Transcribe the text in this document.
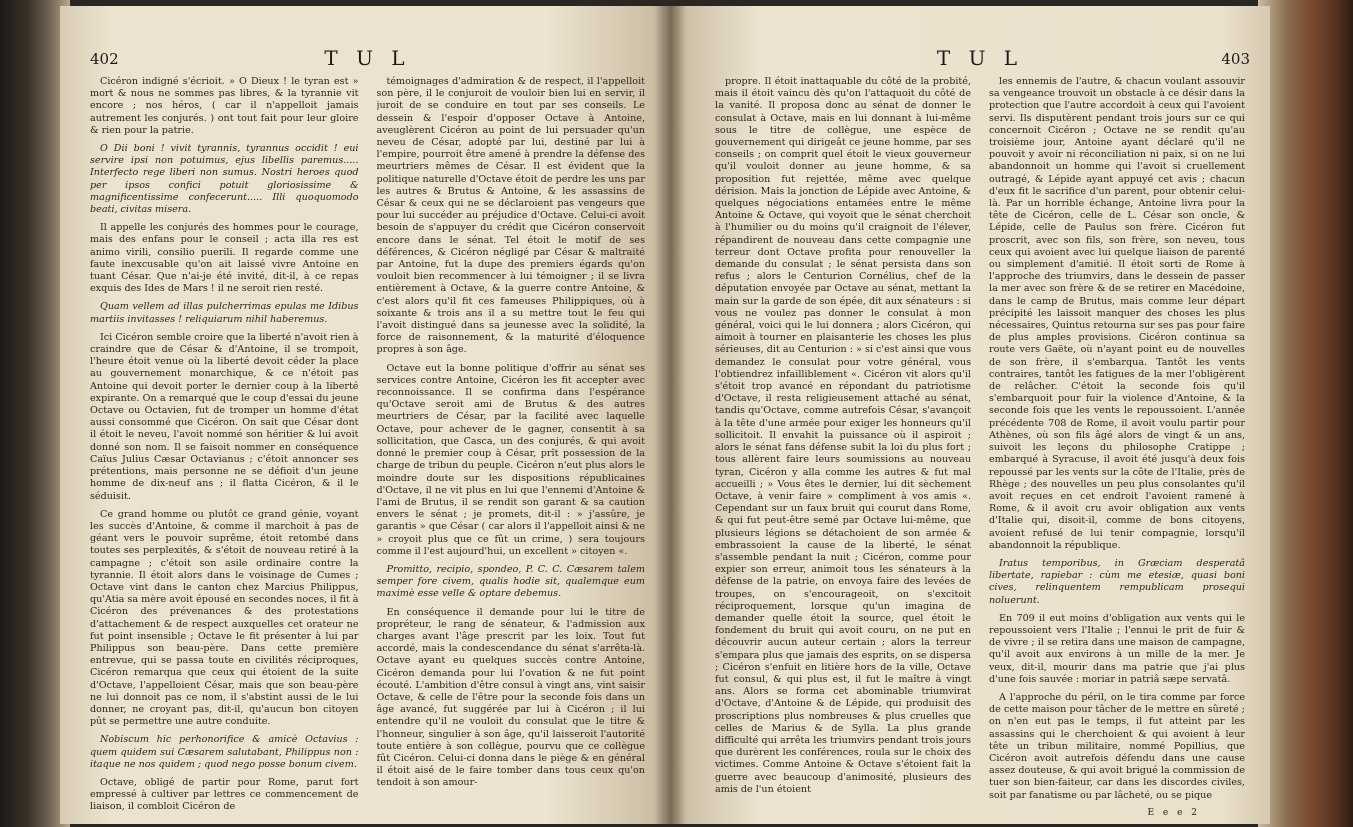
402	T U L

Cicéron indigné s'écrioit. » O Dieux ! le tyran est » mort & nous ne sommes pas libres, & la tyrannie vit encore ; nos héros, ( car il n'appelloit jamais autrement les conjurés. ) ont tout fait pour leur gloire & rien pour la patrie.

O Dii boni ! vivit tyrannis, tyrannus occidit ! eui servire ipsi non potuimus, ejus libellis paremus..... Interfecto rege liberi non sumus. Nostri heroes quod per ipsos confici potuit gloriosissime & magnificentissime confecerunt..... Illi quoquomodo beati, civitas misera.

Il appelle les conjurés des hommes pour le courage, mais des enfans pour le conseil ; acta illa res est animo virili, consilio puerili. Il regarde comme une faute inexcusable qu'on ait laissé vivre Antoine en tuant César. Que n'ai-je été invité, dit-il, à ce repas exquis des Ides de Mars ! il ne seroit rien resté.

Quam vellem ad illas pulcherrimas epulas me Idibus martiis invitasses ! reliquiarum nihil haberemus.

Ici Cicéron semble croire que la liberté n'avoit rien à craindre que de César & d'Antoine, il se trompoit, l'heure étoit venue où la liberté devoit céder la place au gouvernement monarchique, & ce n'étoit pas Antoine qui devoit porter le dernier coup à la liberté expirante. On a remarqué que le coup d'essai du jeune Octave ou Octavien, fut de tromper un homme d'état aussi consommé que Cicéron. On sait que César dont il étoit le neveu, l'avoit nommé son héritier & lui avoit donné son nom. Il se faisoit nommer en conséquence Caïus Julius Cæsar Octavianus ; c'étoit annoncer ses prétentions, mais personne ne se défioit d'un jeune homme de dix-neuf ans ; il flatta Cicéron, & il le séduisit.

Ce grand homme ou plutôt ce grand génie, voyant les succès d'Antoine, & comme il marchoit à pas de géant vers le pouvoir suprême, étoit retombé dans toutes ses perplexités, & s'étoit de nouveau retiré à la campagne ; c'étoit son asile ordinaire contre la tyrannie. Il étoit alors dans le voisinage de Cumes ; Octave vint dans le canton chez Marcius Philippus, qu'Atia sa mère avoit épousé en secondes noces, il fit à Cicéron des prévenances & des protestations d'attachement & de respect auxquelles cet orateur ne fut point insensible ; Octave le fit présenter à lui par Philippus son beau-père. Dans cette première entrevue, qui se passa toute en civilités réciproques, Cicéron remarqua que ceux qui étoient de la suite d'Octave, l'appelloient César, mais que son beau-père ne lui donnoit pas ce nom, il s'abstint aussi de le lui donner, ne croyant pas, dit-il, qu'aucun bon citoyen pût se permettre une autre conduite.

Nobiscum hic perhonorifice & amicè Octavius : quem quidem sui Cæsarem salutabant, Philippus non : itaque ne nos quidem ; quod nego posse bonum civem.

Octave, obligé de partir pour Rome, parut fort empressé à cultiver par lettres ce commencement de liaison, il combloit Cicéron de

témoignages d'admiration & de respect, il l'appelloit son père, il le conjuroit de vouloir bien lui en servir, il juroit de se conduire en tout par ses conseils. Le dessein & l'espoir d'opposer Octave à Antoine, aveuglèrent Cicéron au point de lui persuader qu'un neveu de César, adopté par lui, destiné par lui à l'empire, pourroit être amené à prendre la défense des meurtriers mêmes de César. Il est évident que la politique naturelle d'Octave étoit de perdre les uns par les autres & Brutus & Antoine, & les assassins de César & ceux qui ne se déclaroient pas vengeurs que pour lui succéder au préjudice d'Octave. Celui-ci avoit besoin de s'appuyer du crédit que Cicéron conservoit encore dans le sénat. Tel étoit le motif de ses déférences, & Cicéron négligé par César & maltraité par Antoine, fut la dupe des premiers égards qu'on vouloit bien recommencer à lui témoigner ; il se livra entièrement à Octave, & la guerre contre Antoine, & c'est alors qu'il fit ces fameuses Philippiques, où à soixante & trois ans il a su mettre tout le feu qui l'avoit distingué dans sa jeunesse avec la solidité, la force de raisonnement, & la maturité d'éloquence propres à son âge.

Octave eut la bonne politique d'offrir au sénat ses services contre Antoine, Cicéron les fit accepter avec reconnoissance. Il se confirma dans l'espérance qu'Octave seroit ami de Brutus & des autres meurtriers de César, par la facilité avec laquelle Octave, pour achever de le gagner, consentit à sa sollicitation, que Casca, un des conjurés, & qui avoit donné le premier coup à César, prît possession de la charge de tribun du peuple. Cicéron n'eut plus alors le moindre doute sur les dispositions républicaines d'Octave, il ne vit plus en lui que l'ennemi d'Antoine & l'ami de Brutus, il se rendit son garant & sa caution envers le sénat ; je promets, dit-il : » j'assûre, je garantis » que César ( car alors il l'appelloit ainsi & ne » croyoit plus que ce fût un crime, ) sera toujours comme il l'est aujourd'hui, un excellent » citoyen «.

Promitto, recipio, spondeo, P. C. C. Cæsarem talem semper fore civem, qualis hodie sit, qualemque eum maximè esse velle & optare debemus.

En conséquence il demande pour lui le titre de propréteur, le rang de sénateur, & l'admission aux charges avant l'âge prescrit par les loix. Tout fut accordé, mais la condescendance du sénat s'arrêta-là. Octave ayant eu quelques succès contre Antoine, Cicéron demanda pour lui l'ovation & ne fut point écouté. L'ambition d'être consul à vingt ans, vint saisir Octave, & celle de l'être pour la seconde fois dans un âge avancé, fut suggérée par lui à Cicéron ; il lui entendre qu'il ne vouloit du consulat que le titre & l'honneur, singulier à son âge, qu'il laisseroit l'autorité toute entière à son collègue, pourvu que ce collègue fût Cicéron. Celui-ci donna dans le piège & en général il étoit aisé de le faire tomber dans tous ceux qu'on tendoit à son amour-

T U L	403

propre. Il étoit inattaquable du côté de la probité, mais il étoit vaincu dès qu'on l'attaquoit du côté de la vanité. Il proposa donc au sénat de donner le consulat à Octave, mais en lui donnant à lui-même sous le titre de collègue, une espèce de gouvernement qui dirigeât ce jeune homme, par ses conseils ; on comprit quel étoit le vieux gouverneur qu'il vouloit donner au jeune homme, & sa proposition fut rejettée, même avec quelque dérision. Mais la jonction de Lépide avec Antoine, & quelques négociations entamées entre le même Antoine & Octave, qui voyoit que le sénat cherchoit à l'humilier ou du moins qu'il craignoit de l'élever, répandirent de nouveau dans cette compagnie une terreur dont Octave profita pour renouveller la demande du consulat ; le sénat persista dans son refus ; alors le Centurion Cornélius, chef de la députation envoyée par Octave au sénat, mettant la main sur la garde de son épée, dit aux sénateurs : si vous ne voulez pas donner le consulat à mon général, voici qui le lui donnera ; alors Cicéron, qui aimoit à tourner en plaisanterie les choses les plus sérieuses, dit au Centurion : » si c'est ainsi que vous demandez le consulat pour votre général, vous l'obtiendrez infailliblement «. Cicéron vit alors qu'il s'étoit trop avancé en répondant du patriotisme d'Octave, il resta religieusement attaché au sénat, tandis qu'Octave, comme autrefois César, s'avançoit à la tête d'une armée pour exiger les honneurs qu'il sollicitoit. Il envahit la puissance où il aspiroit ; alors le sénat fans défense subit la loi du plus fort ; tous allèrent faire leurs soumissions au nouveau tyran, Cicéron y alla comme les autres & fut mal accueilli ; » Vous êtes le dernier, lui dit sèchement Octave, à venir faire » compliment à vos amis «. Cependant sur un faux bruit qui courut dans Rome, & qui fut peut-être semé par Octave lui-même, que plusieurs légions se détachoient de son armée & embrassoient la cause de la liberté, le sénat s'assemble pendant la nuit ; Cicéron, comme pour expier son erreur, animoit tous les sénateurs à la défense de la patrie, on envoya faire des levées de troupes, on s'encourageoit, on s'excitoit réciproquement, lorsque qu'un imagina de demander quelle étoit la source, quel étoit le fondement du bruit qui avoit couru, on ne put en découvrir aucun auteur certain ; alors la terreur s'empara plus que jamais des esprits, on se dispersa ; Cicéron s'enfuit en litière hors de la ville, Octave fut consul, & qui plus est, il fut le maître à vingt ans. Alors se forma cet abominable triumvirat d'Octave, d'Antoine & de Lépide, qui produisit des proscriptions plus nombreuses & plus cruelles que celles de Marius & de Sylla. La plus grande difficulté qui arrêta les triumvirs pendant trois jours que durèrent les conférences, roula sur le choix des victimes. Comme Antoine & Octave s'étoient fait la guerre avec beaucoup d'animosité, plusieurs des amis de l'un étoient

les ennemis de l'autre, & chacun voulant assouvir sa vengeance trouvoit un obstacle à ce désir dans la protection que l'autre accordoit à ceux qui l'avoient servi. Ils disputèrent pendant trois jours sur ce qui concernoit Cicéron ; Octave ne se rendit qu'au troisième jour, Antoine ayant déclaré qu'il ne pouvoit y avoir ni réconciliation ni paix, si on ne lui abandonnoit un homme qui l'avoit si cruellement outragé, & Lépide ayant appuyé cet avis ; chacun d'eux fit le sacrifice d'un parent, pour obtenir celui-là. Par un horrible échange, Antoine livra pour la tête de Cicéron, celle de L. César son oncle, & Lépide, celle de Paulus son frère. Cicéron fut proscrit, avec son fils, son frère, son neveu, tous ceux qui avoient avec lui quelque liaison de parenté ou simplement d'amitié. Il étoit sorti de Rome à l'approche des triumvirs, dans le dessein de passer la mer avec son frère & de se retirer en Macédoine, dans le camp de Brutus, mais comme leur départ précipité les laissoit manquer des choses les plus nécessaires, Quintus retourna sur ses pas pour faire de plus amples provisions. Cicéron continua sa route vers Gaëte, où n'ayant point eu de nouvelles de son frère, il s'embarqua. Tantôt les vents contraires, tantôt les fatigues de la mer l'obligèrent de relâcher. C'étoit la seconde fois qu'il s'embarquoit pour fuir la violence d'Antoine, & la seconde fois que les vents le repoussoient. L'année précédente 708 de Rome, il avoit voulu partir pour Athènes, où son fils âgé alors de vingt & un ans, suivoit les leçons du philosophe Cratippe ; embarqué à Syracuse, il avoit été jusqu'à deux fois repoussé par les vents sur la côte de l'Italie, près de Rhège ; des nouvelles un peu plus consolantes qu'il avoit reçues en cet endroit l'avoient ramené à Rome, & il avoit cru avoir obligation aux vents d'Italie qui, disoit-il, comme de bons citoyens, avoient refusé de lui tenir compagnie, lorsqu'il abandonnoit la république.

Iratus temporibus, in Græciam desperatâ libertate, rapiebar : cùm me etesiæ, quasi boni cives, relinquentem rempublicam prosequi noluerunt.

En 709 il eut moins d'obligation aux vents qui le repoussoient vers l'Italie ; l'ennui le prit de fuir & de vivre ; il se retira dans une maison de campagne, qu'il avoit aux environs à un mille de la mer. Je veux, dit-il, mourir dans ma patrie que j'ai plus d'une fois sauvée : moriar in patriâ sæpe servatâ.

A l'approche du péril, on le tira comme par force de cette maison pour tâcher de le mettre en sûreté ; on n'en eut pas le temps, il fut atteint par les assassins qui le cherchoient & qui avoient à leur tête un tribun militaire, nommé Popillius, que Cicéron avoit autrefois défendu dans une cause assez douteuse, & qui avoit brigué la commission de tuer son bien-faiteur, car dans les discordes civiles, soit par fanatisme ou par lâcheté, ou se pique

E e e 2
